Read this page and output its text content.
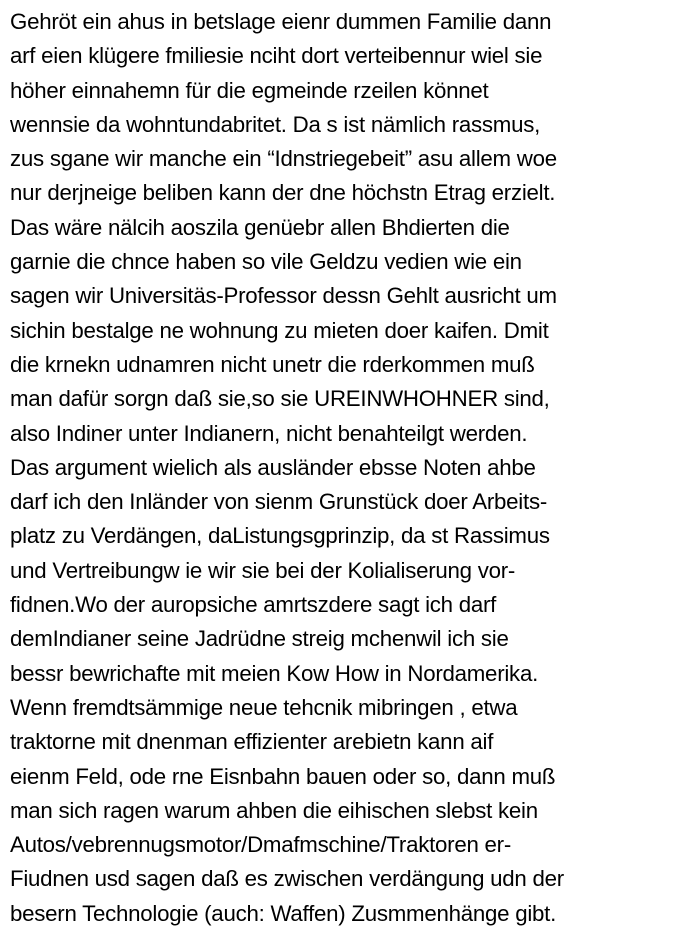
Gehröt ein ahus in betslage eienr dummen Familie dann
arf eien klügere fmiliesie nciht dort verteibennur wiel sie
höher einnahemn für die egmeinde rzeilen könnet
wennsie da wohntundabritet. Da s ist nämlich rassmus,
zus sgane wir manche ein “Idnstriegebeit” asu allem woe
nur derjneige beliben kann der dne höchstn Etrag erzielt.
Das wäre nälcih aoszila genüebr allen Bhdierten die
garnie die chnce haben so vile Geldzu vedien wie ein
sagen wir Universitäs-Professor dessn Gehlt ausricht um
sichin bestalge ne wohnung zu mieten doer kaifen. Dmit
die krnekn udnamren nicht unetr die rderkommen muß
man dafür sorgn daß sie,so sie UREINWHOHNER sind,
also Indiner unter Indianern, nicht benahteilgt werden.
Das argument wielich als ausländer ebsse Noten ahbe
darf ich den Inländer von sienm Grunstück doer Arbeits-
platz zu Verdängen, daListungsgprinzip, da st Rassimus
und Vertreibungw ie wir sie bei der Kolialiserung vor-
fidnen.Wo der auropsiche amrtszdere sagt ich darf
demIndianer seine Jadrüdne streig mchenwil ich sie
bessr bewrichafte mit meien Kow How in Nordamerika.
Wenn fremdtsämmige neue tehcnik mibringen , etwa
traktorne mit dnenman effizienter arebietn kann aif
eienm Feld, ode rne Eisnbahn bauen oder so, dann muß
man sich ragen warum ahben die eihischen slebst kein
Autos/vebrennugsmotor/Dmafmschine/Traktoren er-
Fiudnen usd sagen daß es zwischen verdängung udn der
besern Technologie (auch: Waffen) Zusmmenhänge gibt.
